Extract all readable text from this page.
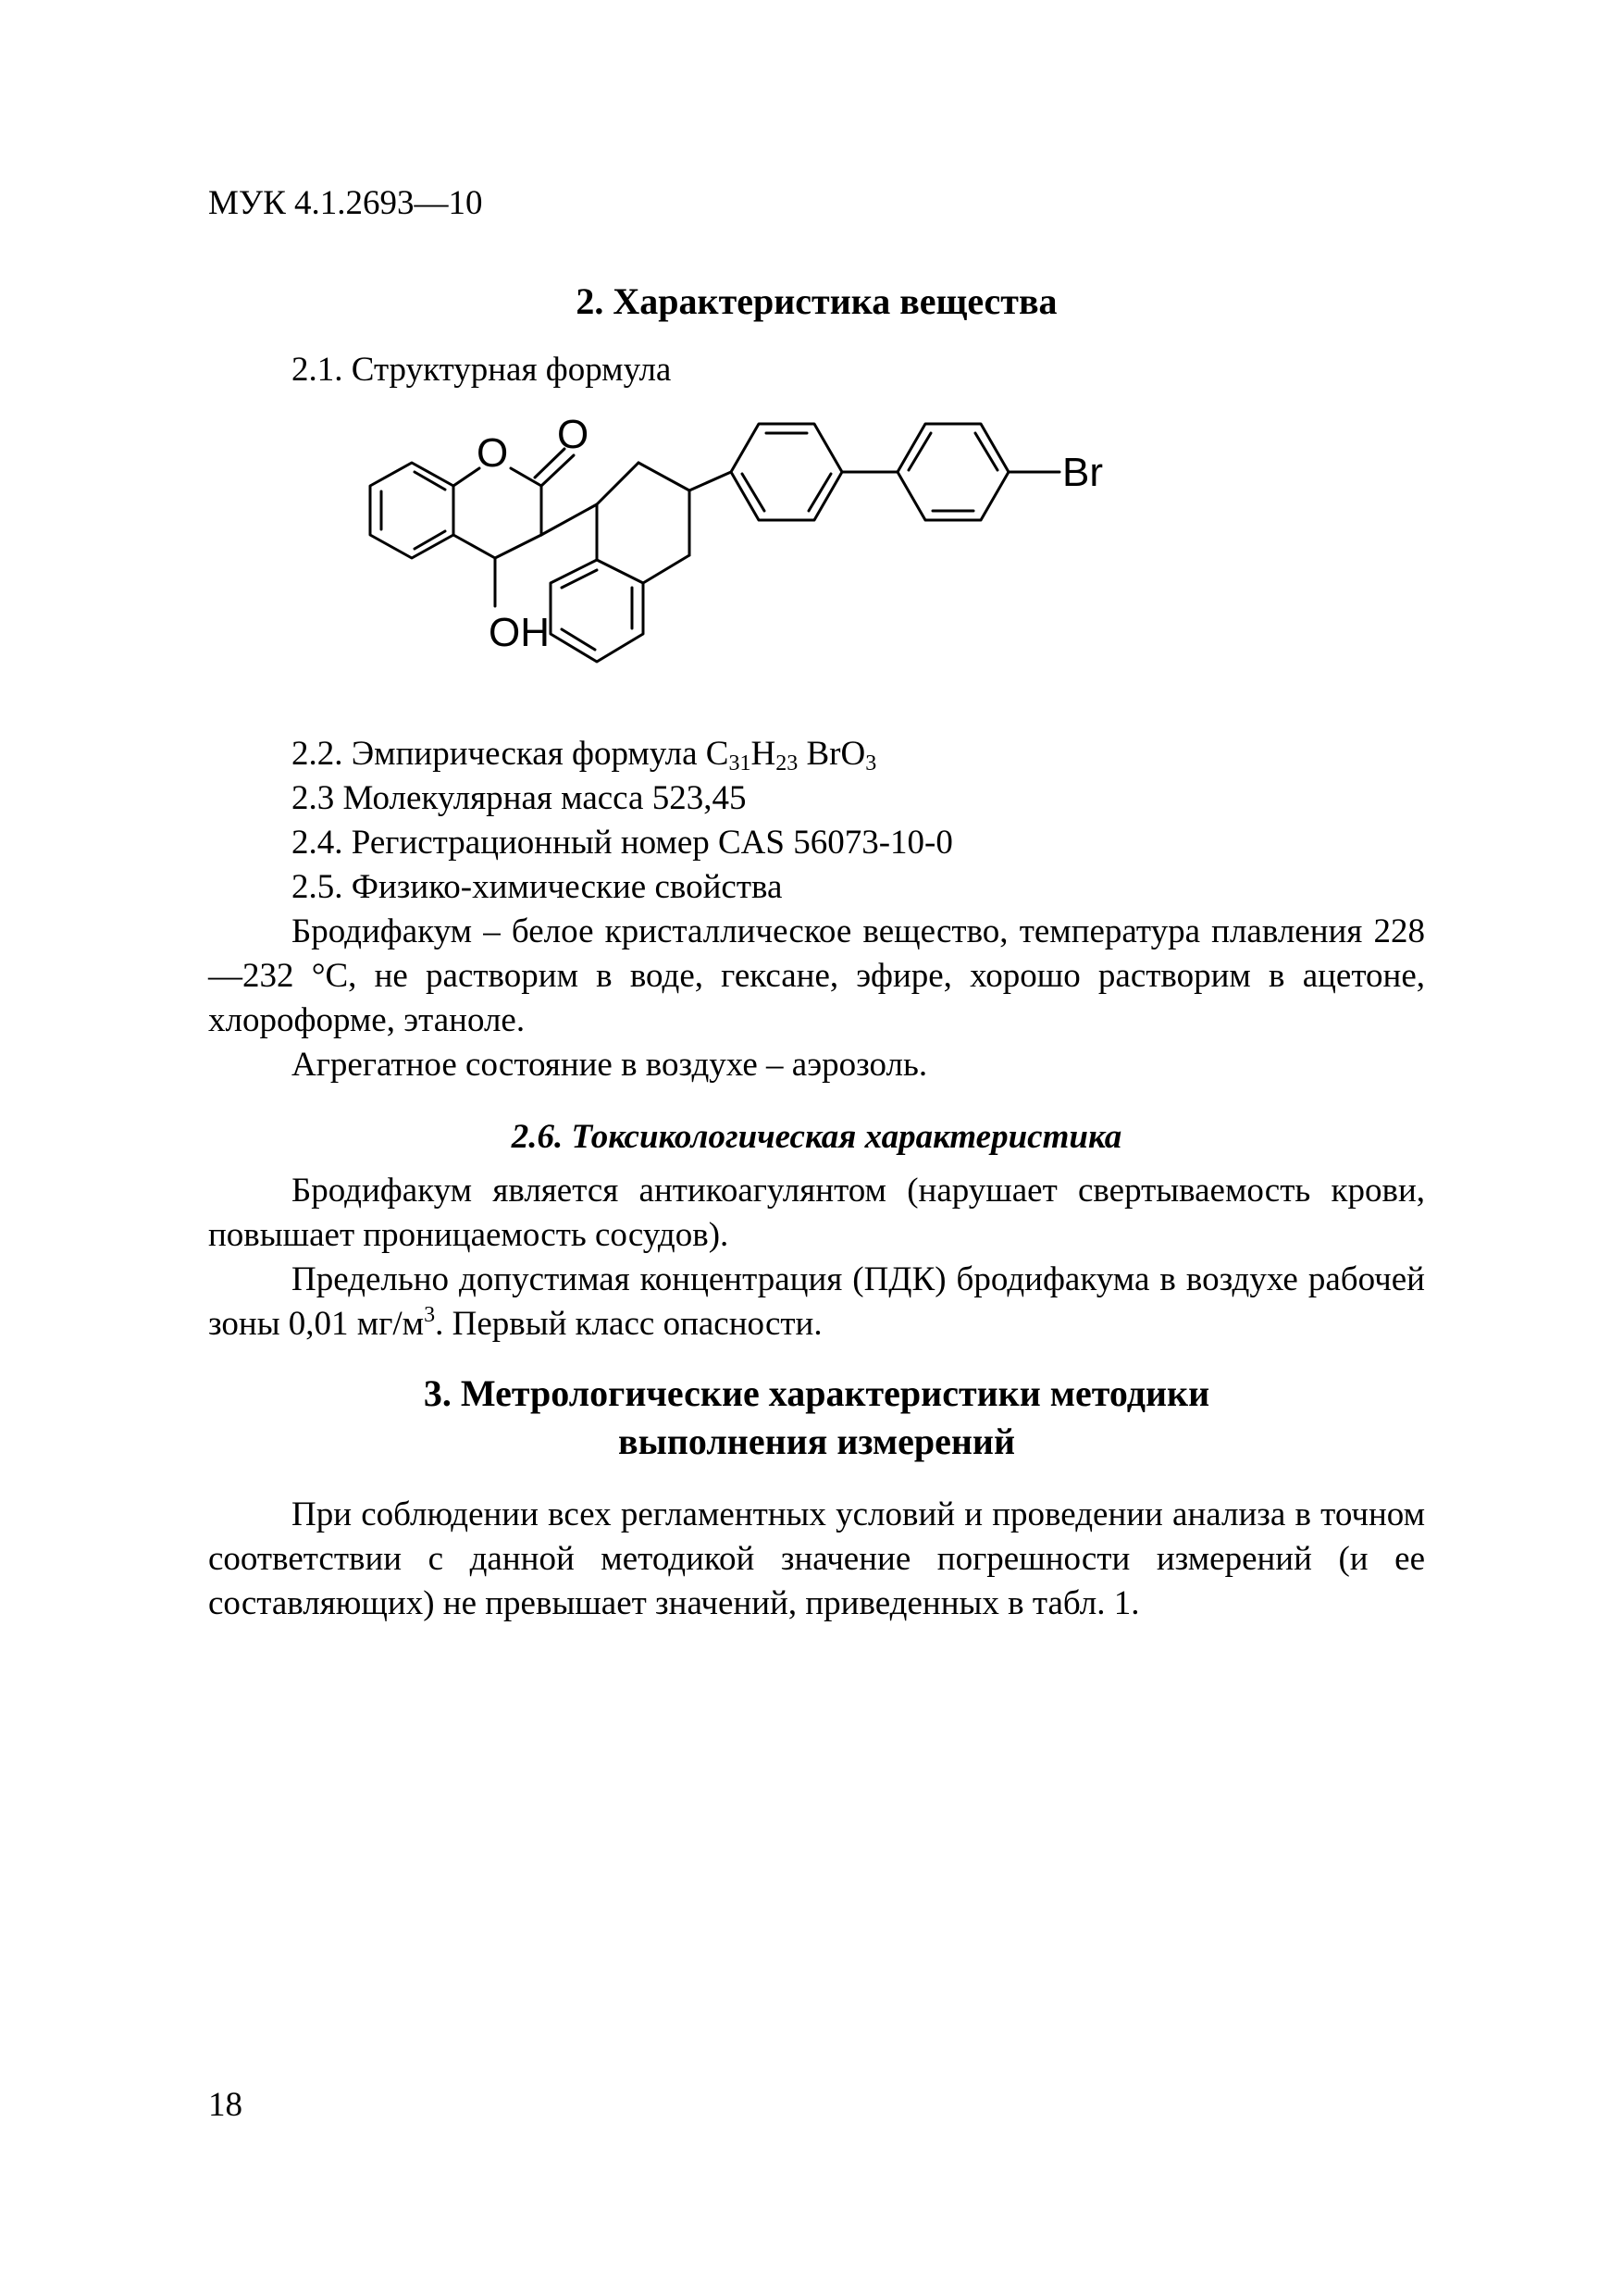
МУК 4.1.2693—10
2. Характеристика вещества
2.1. Структурная формула
O O
OH
Br
2.2. Эмпирическая формула $C_{31}H_{23}$ BrO$_3$
2.3 Молекулярная масса 523,45
2.4. Регистрационный номер CAS 56073-10-0
2.5. Физико-химические свойства

Бродифакум – белое кристаллическое вещество, температура плавления 228—232 °С, не растворим в воде, гексане, эфире, хорошо растворим в ацетоне, хлороформе, этаноле.

Агрегатное состояние в воздухе – аэрозоль.

2.6. Токсикологическая характеристика

Бродифакум является антикоагулянтом (нарушает свертываемость крови, повышает проницаемость сосудов).

Предельно допустимая концентрация (ПДК) бродифакума в воздухе рабочей зоны 0,01 $мг/м^3$. Первый класс опасности.

3. Метрологические характеристики методики
выполнения измерений

При соблюдении всех регламентных условий и проведении анализа в точном соответствии с данной методикой значение погрешности измерений (и ее составляющих) не превышает значений, приведенных в табл. 1.

18
